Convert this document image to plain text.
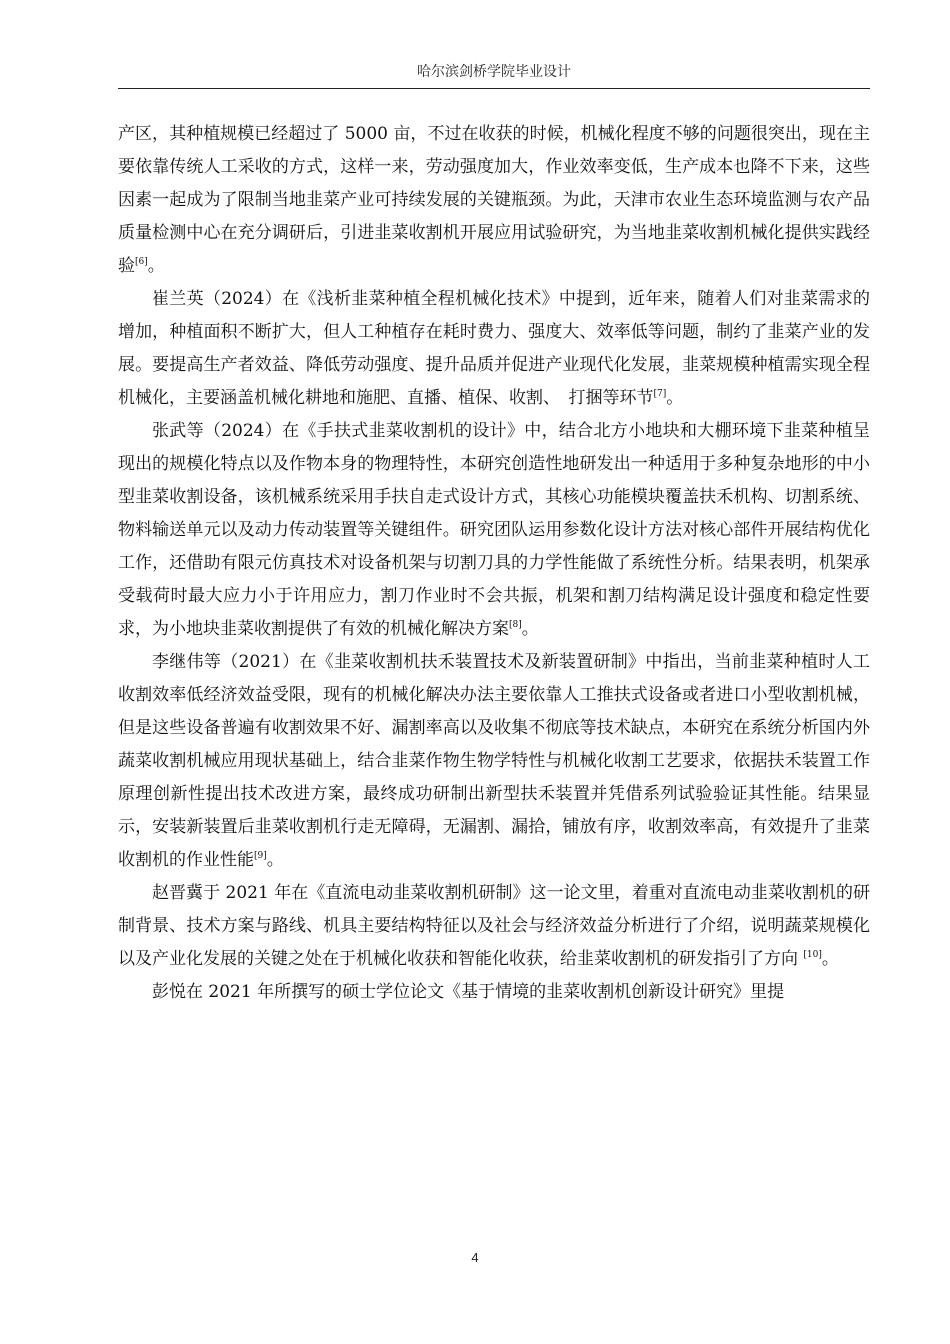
哈尔滨剑桥学院毕业设计

产区，其种植规模已经超过了 5000 亩，不过在收获的时候，机械化程度不够的问题很突出，现在主要依靠传统人工采收的方式，这样一来，劳动强度加大，作业效率变低，生产成本也降不下来，这些因素一起成为了限制当地韭菜产业可持续发展的关键瓶颈。为此，天津市农业生态环境监测与农产品质量检测中心在充分调研后，引进韭菜收割机开展应用试验研究，为当地韭菜收割机械化提供实践经验[6]。

崔兰英（2024）在《浅析韭菜种植全程机械化技术》中提到，近年来，随着人们对韭菜需求的增加，种植面积不断扩大，但人工种植存在耗时费力、强度大、效率低等问题，制约了韭菜产业的发展。要提高生产者效益、降低劳动强度、提升品质并促进产业现代化发展，韭菜规模种植需实现全程机械化，主要涵盖机械化耕地和施肥、直播、植保、收割、　打捆等环节[7]。

张武等（2024）在《手扶式韭菜收割机的设计》中，结合北方小地块和大棚环境下韭菜种植呈现出的规模化特点以及作物本身的物理特性，本研究创造性地研发出一种适用于多种复杂地形的中小型韭菜收割设备，该机械系统采用手扶自走式设计方式，其核心功能模块覆盖扶禾机构、切割系统、物料输送单元以及动力传动装置等关键组件。研究团队运用参数化设计方法对核心部件开展结构优化工作，还借助有限元仿真技术对设备机架与切割刀具的力学性能做了系统性分析。结果表明，机架承受载荷时最大应力小于许用应力，割刀作业时不会共振，机架和割刀结构满足设计强度和稳定性要求，为小地块韭菜收割提供了有效的机械化解决方案[8]。

李继伟等（2021）在《韭菜收割机扶禾装置技术及新装置研制》中指出，当前韭菜种植时人工收割效率低经济效益受限，现有的机械化解决办法主要依靠人工推扶式设备或者进口小型收割机械，但是这些设备普遍有收割效果不好、漏割率高以及收集不彻底等技术缺点，本研究在系统分析国内外蔬菜收割机械应用现状基础上，结合韭菜作物生物学特性与机械化收割工艺要求，依据扶禾装置工作原理创新性提出技术改进方案，最终成功研制出新型扶禾装置并凭借系列试验验证其性能。结果显示，安装新装置后韭菜收割机行走无障碍，无漏割、漏拾，铺放有序，收割效率高，有效提升了韭菜收割机的作业性能[9]。

赵晋冀于 2021 年在《直流电动韭菜收割机研制》这一论文里，着重对直流电动韭菜收割机的研制背景、技术方案与路线、机具主要结构特征以及社会与经济效益分析进行了介绍，说明蔬菜规模化以及产业化发展的关键之处在于机械化收获和智能化收获，给韭菜收割机的研发指引了方向 [10]。

彭悦在 2021 年所撰写的硕士学位论文《基于情境的韭菜收割机创新设计研究》里提

4
